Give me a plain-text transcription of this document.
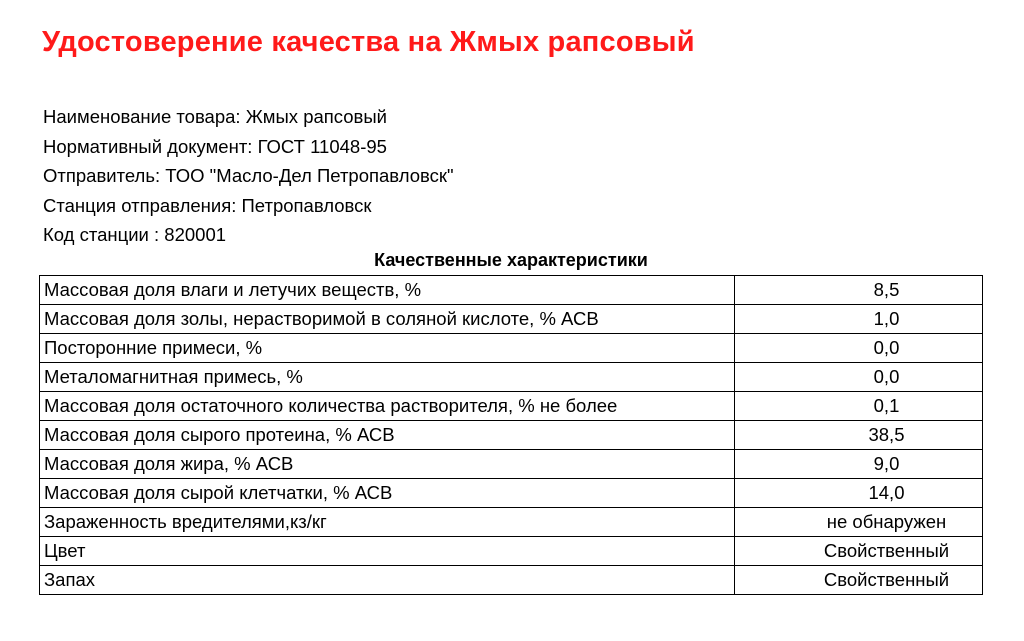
Удостоверение качества на Жмых рапсовый
Наименование товара: Жмых рапсовый
Нормативный документ: ГОСТ 11048-95
Отправитель: ТОО "Масло-Дел Петропавловск"
Станция отправления: Петропавловск
Код станции : 820001
Качественные характеристики
Массовая доля влаги и летучих веществ, %	8,5
Массовая доля золы, нерастворимой в соляной кислоте, % АСВ	1,0
Посторонние примеси, %	0,0
Металомагнитная примесь, %	0,0
Массовая доля остаточного количества растворителя, % не более	0,1
Массовая доля сырого протеина, % АСВ	38,5
Массовая доля жира, % АСВ	9,0
Массовая доля сырой клетчатки, % АСВ	14,0
Зараженность вредителями,кз/кг	не обнаружен
Цвет	Свойственный
Запах	Свойственный
